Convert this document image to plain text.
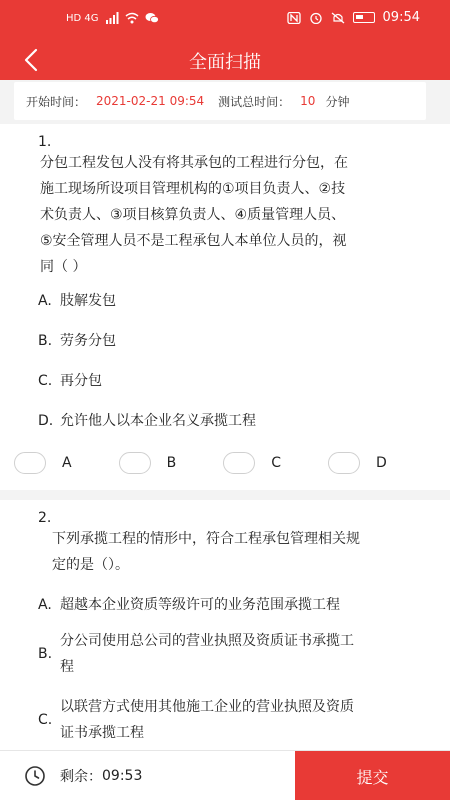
HD 4G	09:54
全面扫描
开始时间： 2021-02-21 09:54 测试总时间： 10 分钟
1.
分包工程发包人没有将其承包的工程进行分包，在
施工现场所设项目管理机构的①项目负责人、②技
术负责人、③项目核算负责人、④质量管理人员、
⑤安全管理人员不是工程承包人本单位人员的，视
同（ ）
A. 肢解发包
B. 劳务分包
C. 再分包
D. 允许他人以本企业名义承揽工程
A	B	C	D
2.
下列承揽工程的情形中，符合工程承包管理相关规
定的是（）。
A. 超越本企业资质等级许可的业务范围承揽工程
B.
分公司使用总公司的营业执照及资质证书承揽工
程
C.
以联营方式使用其他施工企业的营业执照及资质
证书承揽工程
剩余： 09:53	提交
